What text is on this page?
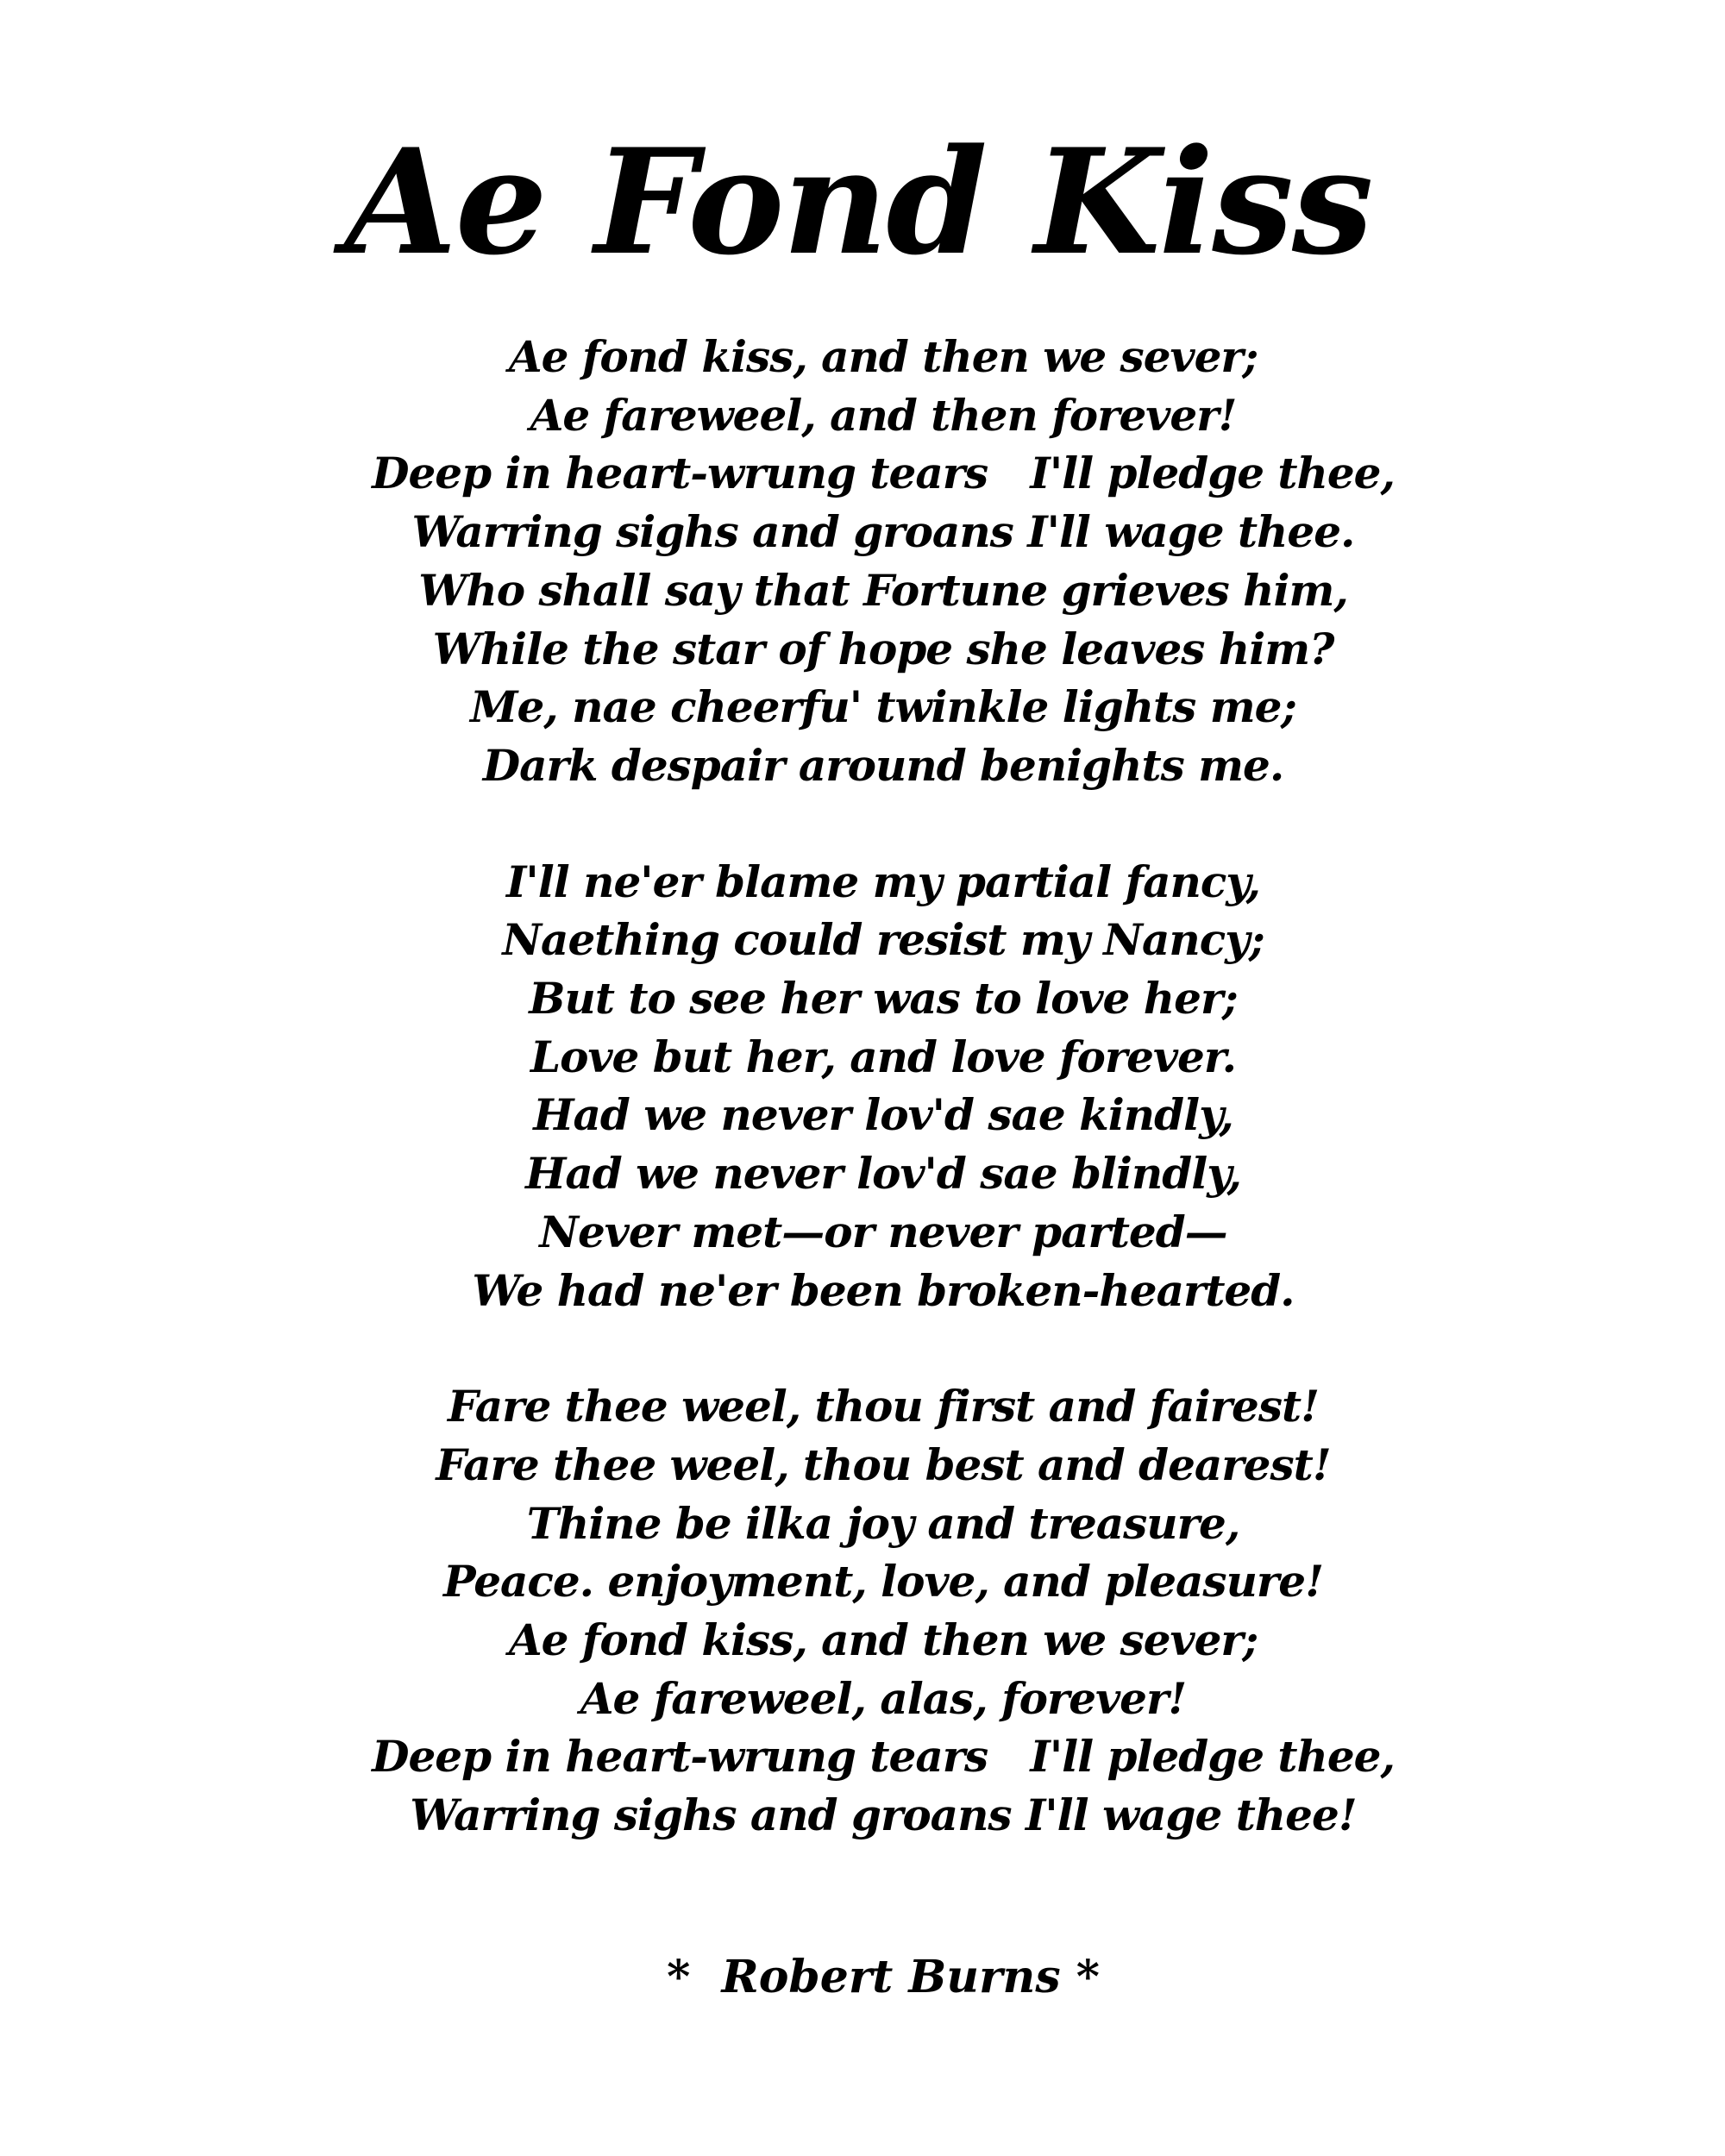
Ae Fond Kiss
Ae fond kiss, and then we sever;
Ae fareweel, and then forever!
Deep in heart-wrung tears   I'll pledge thee,
Warring sighs and groans I'll wage thee.
Who shall say that Fortune grieves him,
While the star of hope she leaves him?
Me, nae cheerfu' twinkle lights me;
Dark despair around benights me.
I'll ne'er blame my partial fancy,
Naething could resist my Nancy;
But to see her was to love her;
Love but her, and love forever.
Had we never lov'd sae kindly,
Had we never lov'd sae blindly,
Never met—or never parted—
We had ne'er been broken-hearted.
Fare thee weel, thou first and fairest!
Fare thee weel, thou best and dearest!
Thine be ilka joy and treasure,
Peace. enjoyment, love, and pleasure!
Ae fond kiss, and then we sever;
Ae fareweel, alas, forever!
Deep in heart-wrung tears   I'll pledge thee,
Warring sighs and groans I'll wage thee!
*  Robert Burns *
